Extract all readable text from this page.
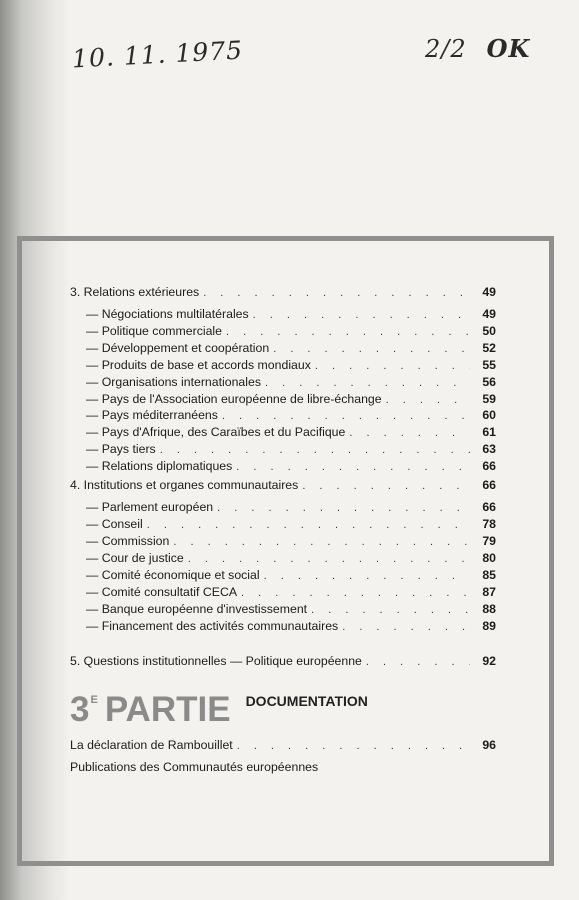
10. 11. 1975	2/2 OK
3. Relations extérieures . . .	49
— Négociations multilatérales . . .	49
— Politique commerciale . . .	50
— Développement et coopération . . .	52
— Produits de base et accords mondiaux . . .	55
— Organisations internationales . . .	56
— Pays de l'Association européenne de libre-échange . . .	59
— Pays méditerranéens . . .	60
— Pays d'Afrique, des Caraïbes et du Pacifique . . .	61
— Pays tiers . . .	63
— Relations diplomatiques . . .	66
4. Institutions et organes communautaires . . .	66
— Parlement européen . . .	66
— Conseil . . .	78
— Commission . . .	79
— Cour de justice . . .	80
— Comité économique et social . . .	85
— Comité consultatif CECA . . .	87
— Banque européenne d'investissement . . .	88
— Financement des activités communautaires . . .	89
5. Questions institutionnelles — Politique européenne . . .	92
3 E PARTIE DOCUMENTATION
La déclaration de Rambouillet . . .	96
Publications des Communautés européennes
